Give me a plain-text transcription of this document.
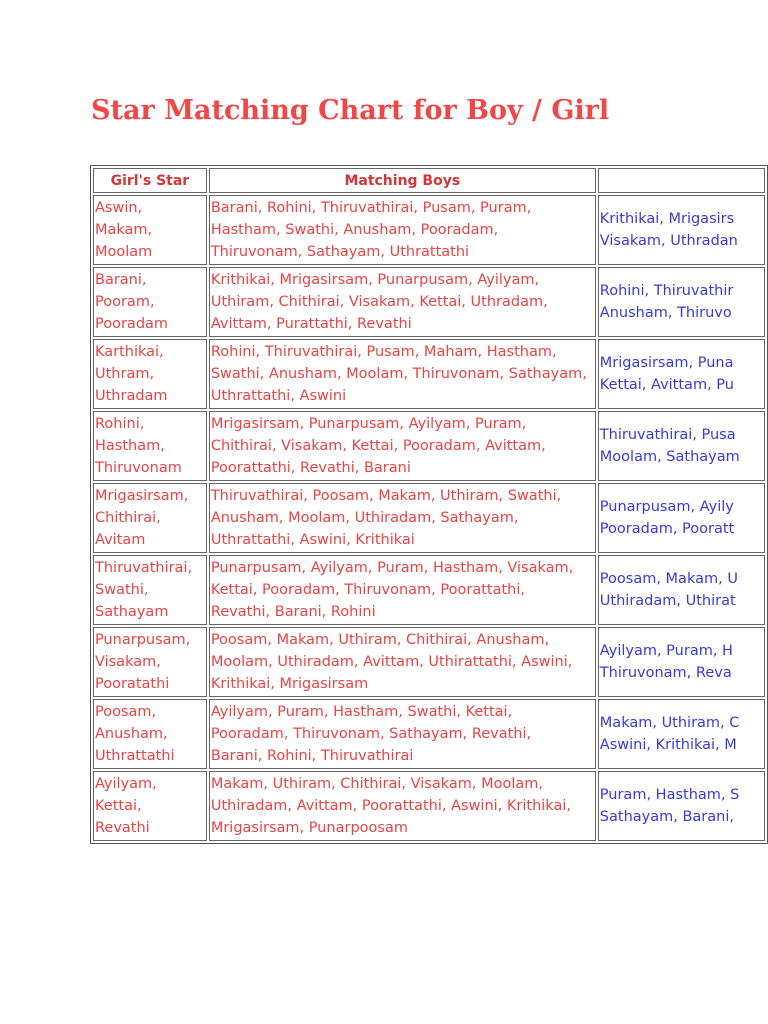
Star Matching Chart for Boy / Girl
Girl's Star	Matching Boys	

Aswin,
Makam,
Moolam	Barani, Rohini, Thiruvathirai, Pusam, Puram,
Hastham, Swathi, Anusham, Pooradam,
Thiruvonam, Sathayam, Uthrattathi	Krithikai, Mrigasirs
Visakam, Uthradan

Barani,
Pooram,
Pooradam	Krithikai, Mrigasirsam, Punarpusam, Ayilyam,
Uthiram, Chithirai, Visakam, Kettai, Uthradam,
Avittam, Purattathi, Revathi	Rohini, Thiruvathir
Anusham, Thiruvo

Karthikai,
Uthram,
Uthradam	Rohini, Thiruvathirai, Pusam, Maham, Hastham,
Swathi, Anusham, Moolam, Thiruvonam, Sathayam,
Uthrattathi, Aswini	Mrigasirsam, Puna
Kettai, Avittam, Pu

Rohini,
Hastham,
Thiruvonam	Mrigasirsam, Punarpusam, Ayilyam, Puram,
Chithirai, Visakam, Kettai, Pooradam, Avittam,
Poorattathi, Revathi, Barani	Thiruvathirai, Pusa
Moolam, Sathayam

Mrigasirsam,
Chithirai,
Avitam	Thiruvathirai, Poosam, Makam, Uthiram, Swathi,
Anusham, Moolam, Uthiradam, Sathayam,
Uthrattathi, Aswini, Krithikai	Punarpusam, Ayily
Pooradam, Pooratt

Thiruvathirai,
Swathi,
Sathayam	Punarpusam, Ayilyam, Puram, Hastham, Visakam,
Kettai, Pooradam, Thiruvonam, Poorattathi,
Revathi, Barani, Rohini	Poosam, Makam, U
Uthiradam, Uthirat

Punarpusam,
Visakam,
Pooratathi	Poosam, Makam, Uthiram, Chithirai, Anusham,
Moolam, Uthiradam, Avittam, Uthirattathi, Aswini,
Krithikai, Mrigasirsam	Ayilyam, Puram, H
Thiruvonam, Reva

Poosam,
Anusham,
Uthrattathi	Ayilyam, Puram, Hastham, Swathi, Kettai,
Pooradam, Thiruvonam, Sathayam, Revathi,
Barani, Rohini, Thiruvathirai	Makam, Uthiram, C
Aswini, Krithikai, M

Ayilyam,
Kettai,
Revathi	Makam, Uthiram, Chithirai, Visakam, Moolam,
Uthiradam, Avittam, Poorattathi, Aswini, Krithikai,
Mrigasirsam, Punarpoosam	Puram, Hastham, S
Sathayam, Barani,
